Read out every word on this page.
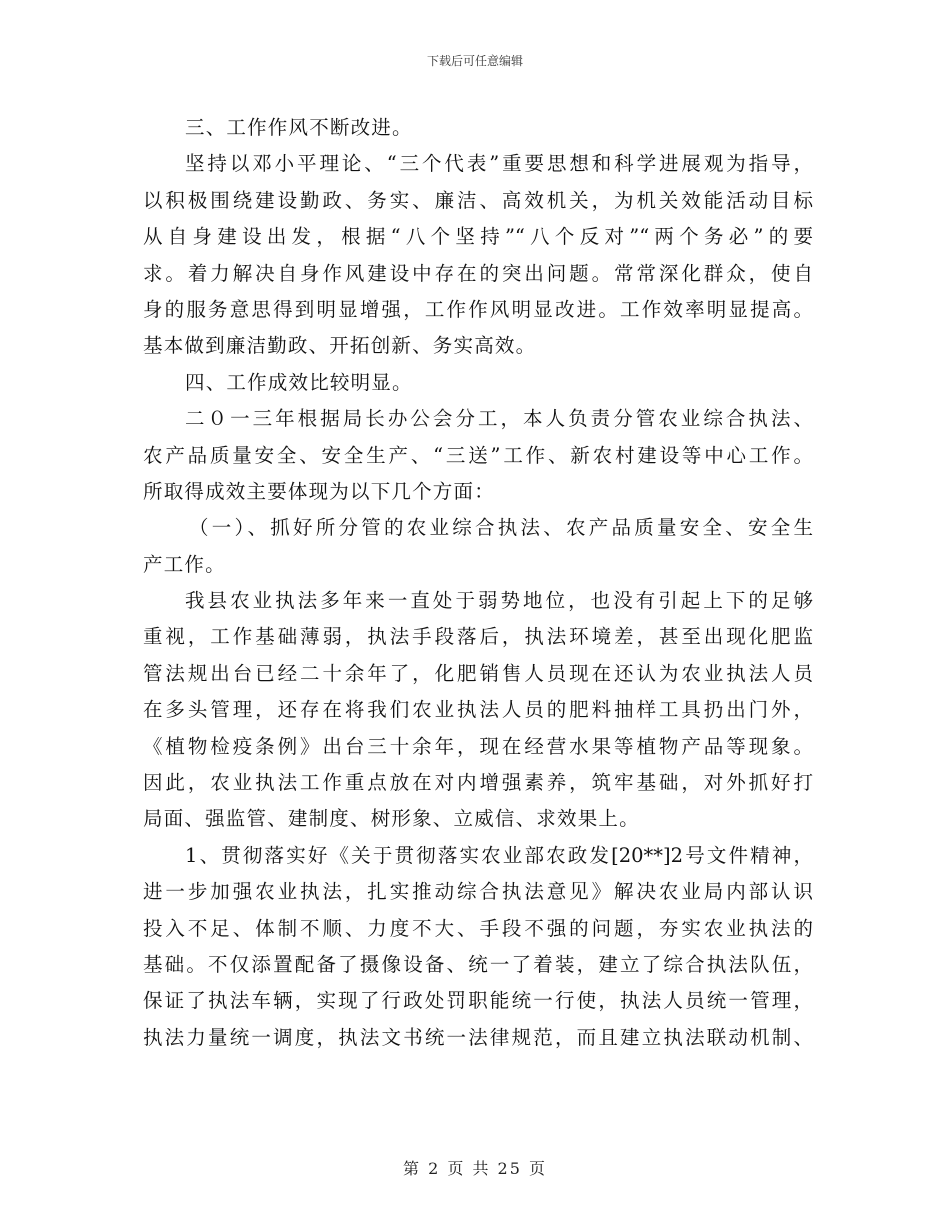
下载后可任意编辑
三、工作作风不断改进。
坚持以邓小平理论、“三个代表”重要思想和科学进展观为指导，
以积极围绕建设勤政、务实、廉洁、高效机关，为机关效能活动目标
从自身建设出发，根据“八个坚持”“八个反对”“两个务必”的要
求。着力解决自身作风建设中存在的突出问题。常常深化群众，使自
身的服务意思得到明显增强，工作作风明显改进。工作效率明显提高。
基本做到廉洁勤政、开拓创新、务实高效。
四、工作成效比较明显。
二０一三年根据局长办公会分工，本人负责分管农业综合执法、
农产品质量安全、安全生产、“三送”工作、新农村建设等中心工作。
所取得成效主要体现为以下几个方面：
（一）、抓好所分管的农业综合执法、农产品质量安全、安全生
产工作。
我县农业执法多年来一直处于弱势地位，也没有引起上下的足够
重视，工作基础薄弱，执法手段落后，执法环境差，甚至出现化肥监
管法规出台已经二十余年了，化肥销售人员现在还认为农业执法人员
在多头管理，还存在将我们农业执法人员的肥料抽样工具扔出门外，
《植物检疫条例》出台三十余年，现在经营水果等植物产品等现象。
因此，农业执法工作重点放在对内增强素养，筑牢基础，对外抓好打
局面、强监管、建制度、树形象、立威信、求效果上。
1、贯彻落实好《关于贯彻落实农业部农政发[20**]2号文件精神，
进一步加强农业执法，扎实推动综合执法意见》解决农业局内部认识
投入不足、体制不顺、力度不大、手段不强的问题，夯实农业执法的
基础。不仅添置配备了摄像设备、统一了着装，建立了综合执法队伍，
保证了执法车辆，实现了行政处罚职能统一行使，执法人员统一管理，
执法力量统一调度，执法文书统一法律规范，而且建立执法联动机制、
第 2 页 共 25 页
